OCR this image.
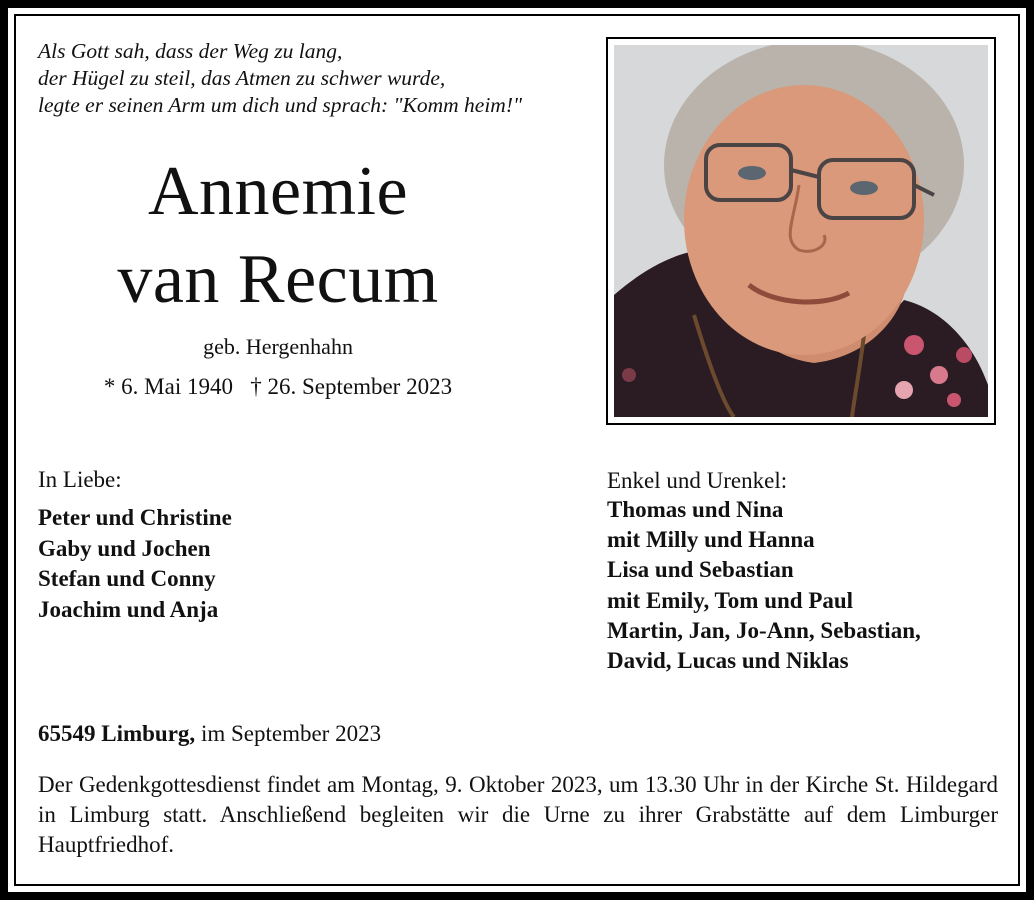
Als Gott sah, dass der Weg zu lang,
der Hügel zu steil, das Atmen zu schwer wurde,
legte er seinen Arm um dich und sprach: "Komm heim!"
Annemie
van Recum
geb. Hergenhahn
* 6. Mai 1940   † 26. September 2023
In Liebe:
Peter und Christine
Gaby und Jochen
Stefan und Conny
Joachim und Anja
Enkel und Urenkel:
Thomas und Nina
mit Milly und Hanna
Lisa und Sebastian
mit Emily, Tom und Paul
Martin, Jan, Jo-Ann, Sebastian,
David, Lucas und Niklas
65549 Limburg, im September 2023
Der Gedenkgottesdienst findet am Montag, 9. Oktober 2023, um 13.30 Uhr in der Kirche St. Hildegard in Limburg statt. Anschließend begleiten wir die Urne zu ihrer Grabstätte auf dem Limburger Hauptfriedhof.
